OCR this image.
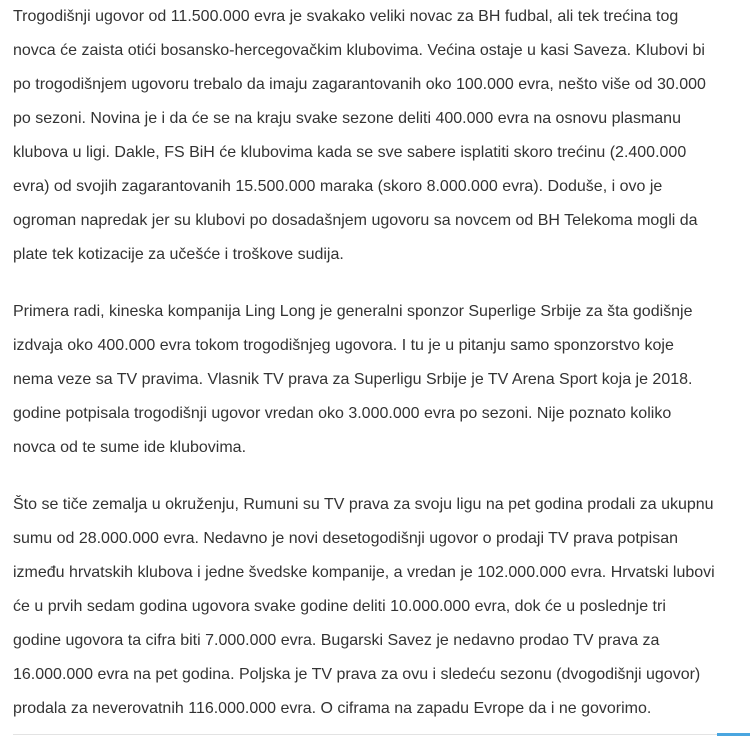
Trogodišnji ugovor od 11.500.000 evra je svakako veliki novac za BH fudbal, ali tek trećina tog
novca će zaista otići bosansko-hercegovačkim klubovima. Većina ostaje u kasi Saveza. Klubovi bi
po trogodišnjem ugovoru trebalo da imaju zagarantovanih oko 100.000 evra, nešto više od 30.000
po sezoni. Novina je i da će se na kraju svake sezone deliti 400.000 evra na osnovu plasmanu
klubova u ligi. Dakle, FS BiH će klubovima kada se sve sabere isplatiti skoro trećinu (2.400.000
evra) od svojih zagarantovanih 15.500.000 maraka (skoro 8.000.000 evra). Doduše, i ovo je
ogroman napredak jer su klubovi po dosadašnjem ugovoru sa novcem od BH Telekoma mogli da
plate tek kotizacije za učešće i troškove sudija.

Primera radi, kineska kompanija Ling Long je generalni sponzor Superlige Srbije za šta godišnje
izdvaja oko 400.000 evra tokom trogodišnjeg ugovora. I tu je u pitanju samo sponzorstvo koje
nema veze sa TV pravima. Vlasnik TV prava za Superligu Srbije je TV Arena Sport koja je 2018.
godine potpisala trogodišnji ugovor vredan oko 3.000.000 evra po sezoni. Nije poznato koliko
novca od te sume ide klubovima.

Što se tiče zemalja u okruženju, Rumuni su TV prava za svoju ligu na pet godina prodali za ukupnu
sumu od 28.000.000 evra. Nedavno je novi desetogodišnji ugovor o prodaji TV prava potpisan
između hrvatskih klubova i jedne švedske kompanije, a vredan je 102.000.000 evra. Hrvatski lubovi
će u prvih sedam godina ugovora svake godine deliti 10.000.000 evra, dok će u poslednje tri
godine ugovora ta cifra biti 7.000.000 evra. Bugarski Savez je nedavno prodao TV prava za
16.000.000 evra na pet godina. Poljska je TV prava za ovu i sledeću sezonu (dvogodišnji ugovor)
prodala za neverovatnih 116.000.000 evra. O ciframa na zapadu Evrope da i ne govorimo.
